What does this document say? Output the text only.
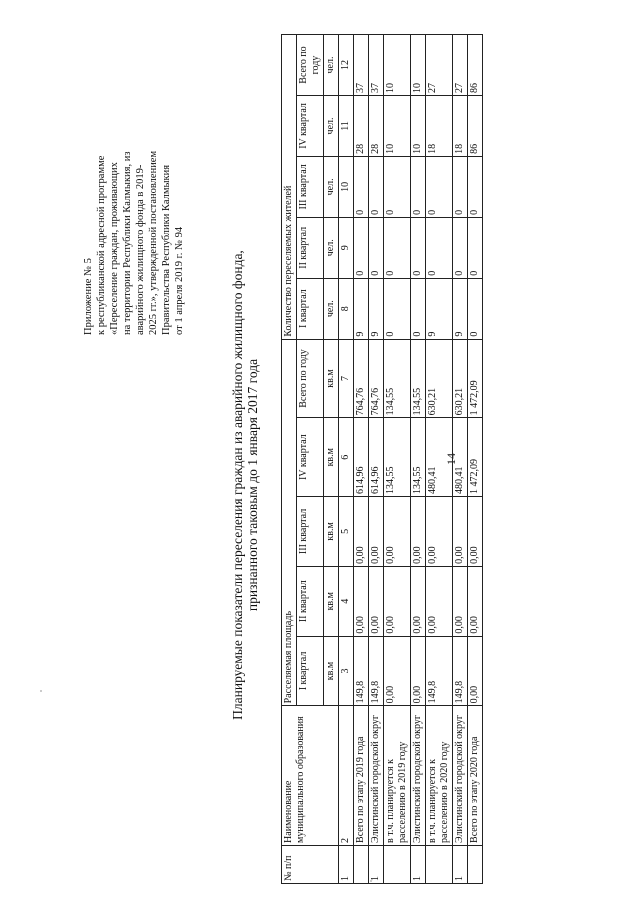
14
Приложение № 5 к республиканской адресной программе «Переселение граждан, проживающих на территории Республики Калмыкия, из аварийного жилищного фонда в 2019- 2025 гг.», утвержденной постановлением Правительства Республики Калмыкия от 1 апреля 2019 г. № 94	Планируемые показатели переселения граждан из аварийного жилищного фонда, признанного таковым до 1 января 2017 года
№ п/п	Наименование муниципального образования	Расселяемая площадь					Количество переселяемых жителей				
		I квартал	II квартал	III квартал	IV квартал	Всего по году	I квартал	II квартал	III квартал	IV квартал	Всего по году
		кв.м	кв.м	кв.м	кв.м	кв.м	чел.	чел.	чел.	чел.	чел.
1	2	3	4	5	6	7	8	9	10	11	12
	Всего по этапу 2019 года	149,8	0,00	0,00	614,96	764,76	9	0	0	28	37
1	Элистинский городской округ	149,8	0,00	0,00	614,96	764,76	9	0	0	28	37
	в т.ч. планируется к расселению в 2019 году	0,00	0,00	0,00	134,55	134,55	0	0	0	10	10
1	Элистинский городской округ	0,00	0,00	0,00	134,55	134,55	0	0	0	10	10
	в т.ч. планируется к расселению в 2020 году	149,8	0,00	0,00	480,41	630,21	9	0	0	18	27
1	Элистинский городской округ	149,8	0,00	0,00	480,41	630,21	9	0	0	18	27
	Всего по этапу 2020 года	0,00	0,00	0,00	1 472,09	1 472,09	0	0	0	86	86
